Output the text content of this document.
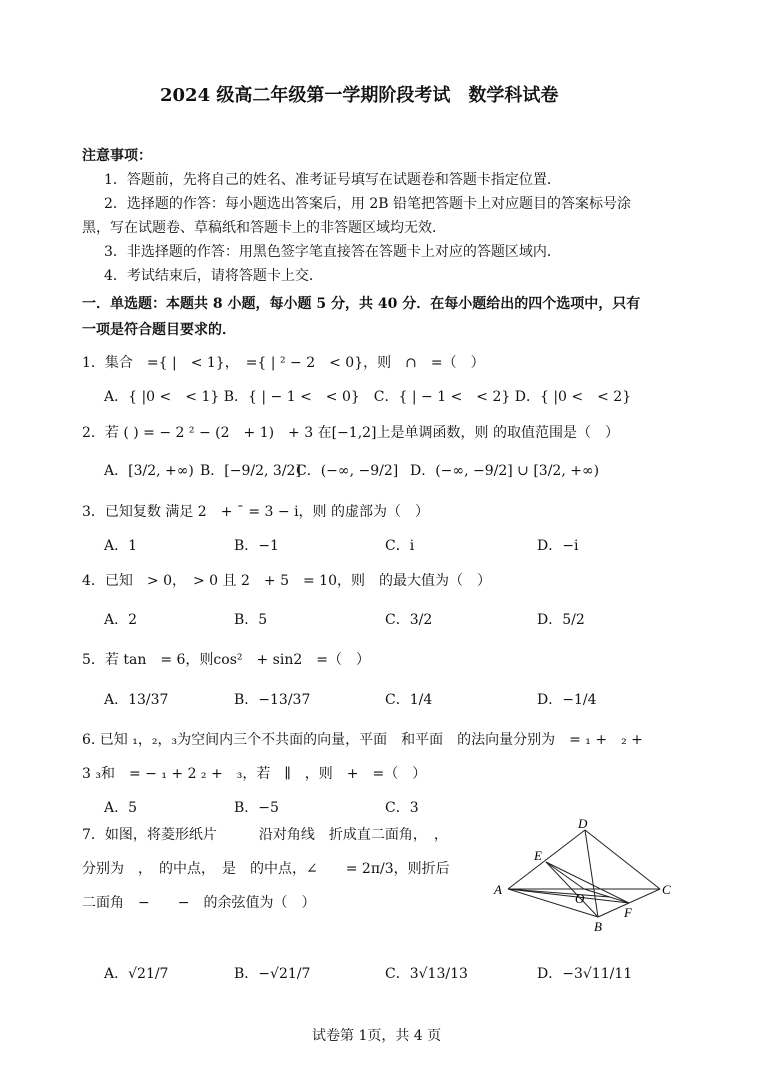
2024 级高二年级第一学期阶段考试　数学科试卷
注意事项：
1．答题前，先将自己的姓名、准考证号填写在试题卷和答题卡指定位置．
2．选择题的作答：每小题选出答案后，用 2B 铅笔把答题卡上对应题目的答案标号涂
黑，写在试题卷、草稿纸和答题卡上的非答题区域均无效．
3．非选择题的作答：用黑色签字笔直接答在答题卡上对应的答题区域内．
4．考试结束后，请将答题卡上交．
一．单选题：本题共 8 小题，每小题 5 分，共 40 分．在每小题给出的四个选项中，只有
一项是符合题目要求的．
1．集合　={ |　< 1}，　={ | ² − 2　< 0}，则　∩　=（　）
A．{ |0 <　< 1} B．{ | − 1 <　< 0}　C．{ | − 1 <　< 2} D．{ |0 <　< 2}
2．若 ( ) = − 2 ² − (2　+ 1)　+ 3 在[−1,2]上是单调函数，则 的取值范围是（　）
A．[3/2, +∞) B．[−9/2, 3/2]
C．(−∞, −9/2] D．(−∞, −9/2] ∪ [3/2, +∞)
3．已知复数 满足 2　+ ¯ = 3 − i，则 的虚部为（　）
A．1	B．−1	C．i	D．−i
4．已知　> 0，　> 0 且 2　+ 5　= 10，则　的最大值为（　）
A．2	B．5	C．3/2	D．5/2
5．若 tan　= 6，则cos²　+ sin2　=（　）
A．13/37	B．−13/37	C．1/4	D．−1/4
6. 已知 ₁，₂，₃为空间内三个不共面的向量，平面　和平面　的法向量分别为　= ₁ +　₂ +
3 ₃和　= − ₁ + 2 ₂ +　₃，若　∥　，则　+　=（　）
A．5	B．−5	C．3
7．如图，将菱形纸片　　　沿对角线　折成直二面角，　，
分别为　，　的中点，　是　的中点，∠　　= 2π/3，则折后
二面角　−　　−　的余弦值为（　）
A
B
C
D
E
F
O
A．√21/7	B．−√21/7	C．3√13/13	D．−3√11/11
试卷第 1页，共 4 页
